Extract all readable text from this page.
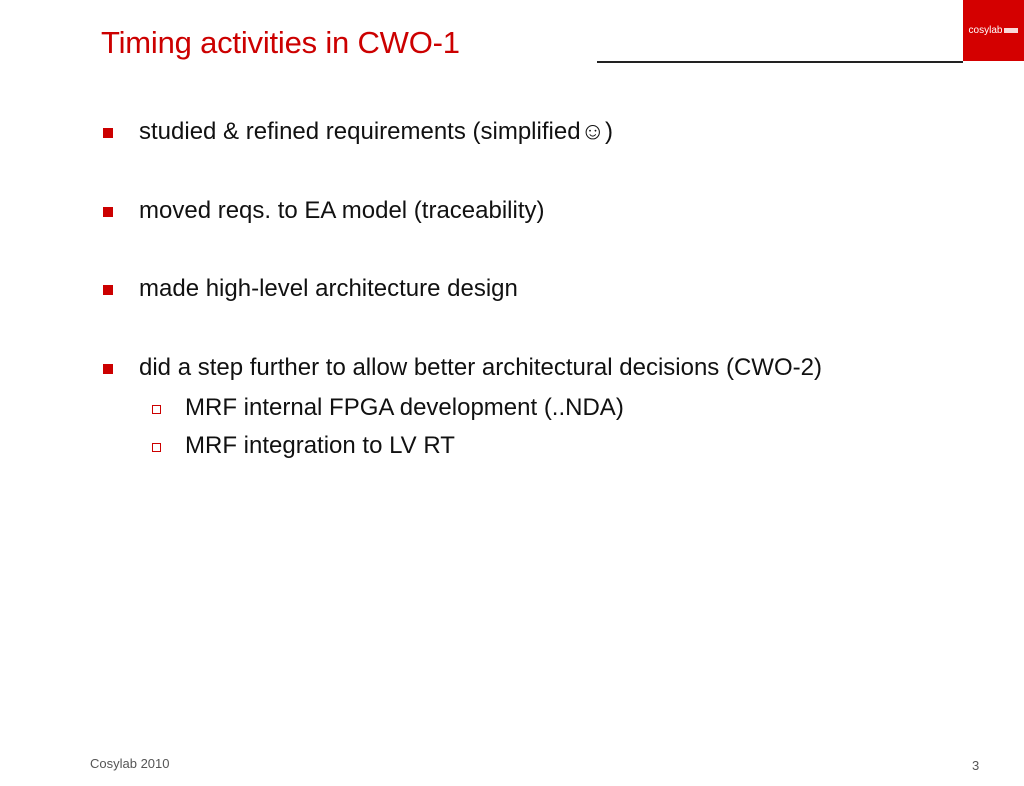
Timing activities in CWO-1	cosylab
studied & refined requirements (simplified☺)
moved reqs. to EA model (traceability)
made high-level architecture design
did a step further to allow better architectural decisions (CWO-2)
MRF internal FPGA development (..NDA)
MRF integration to LV RT
Cosylab 2010	3
